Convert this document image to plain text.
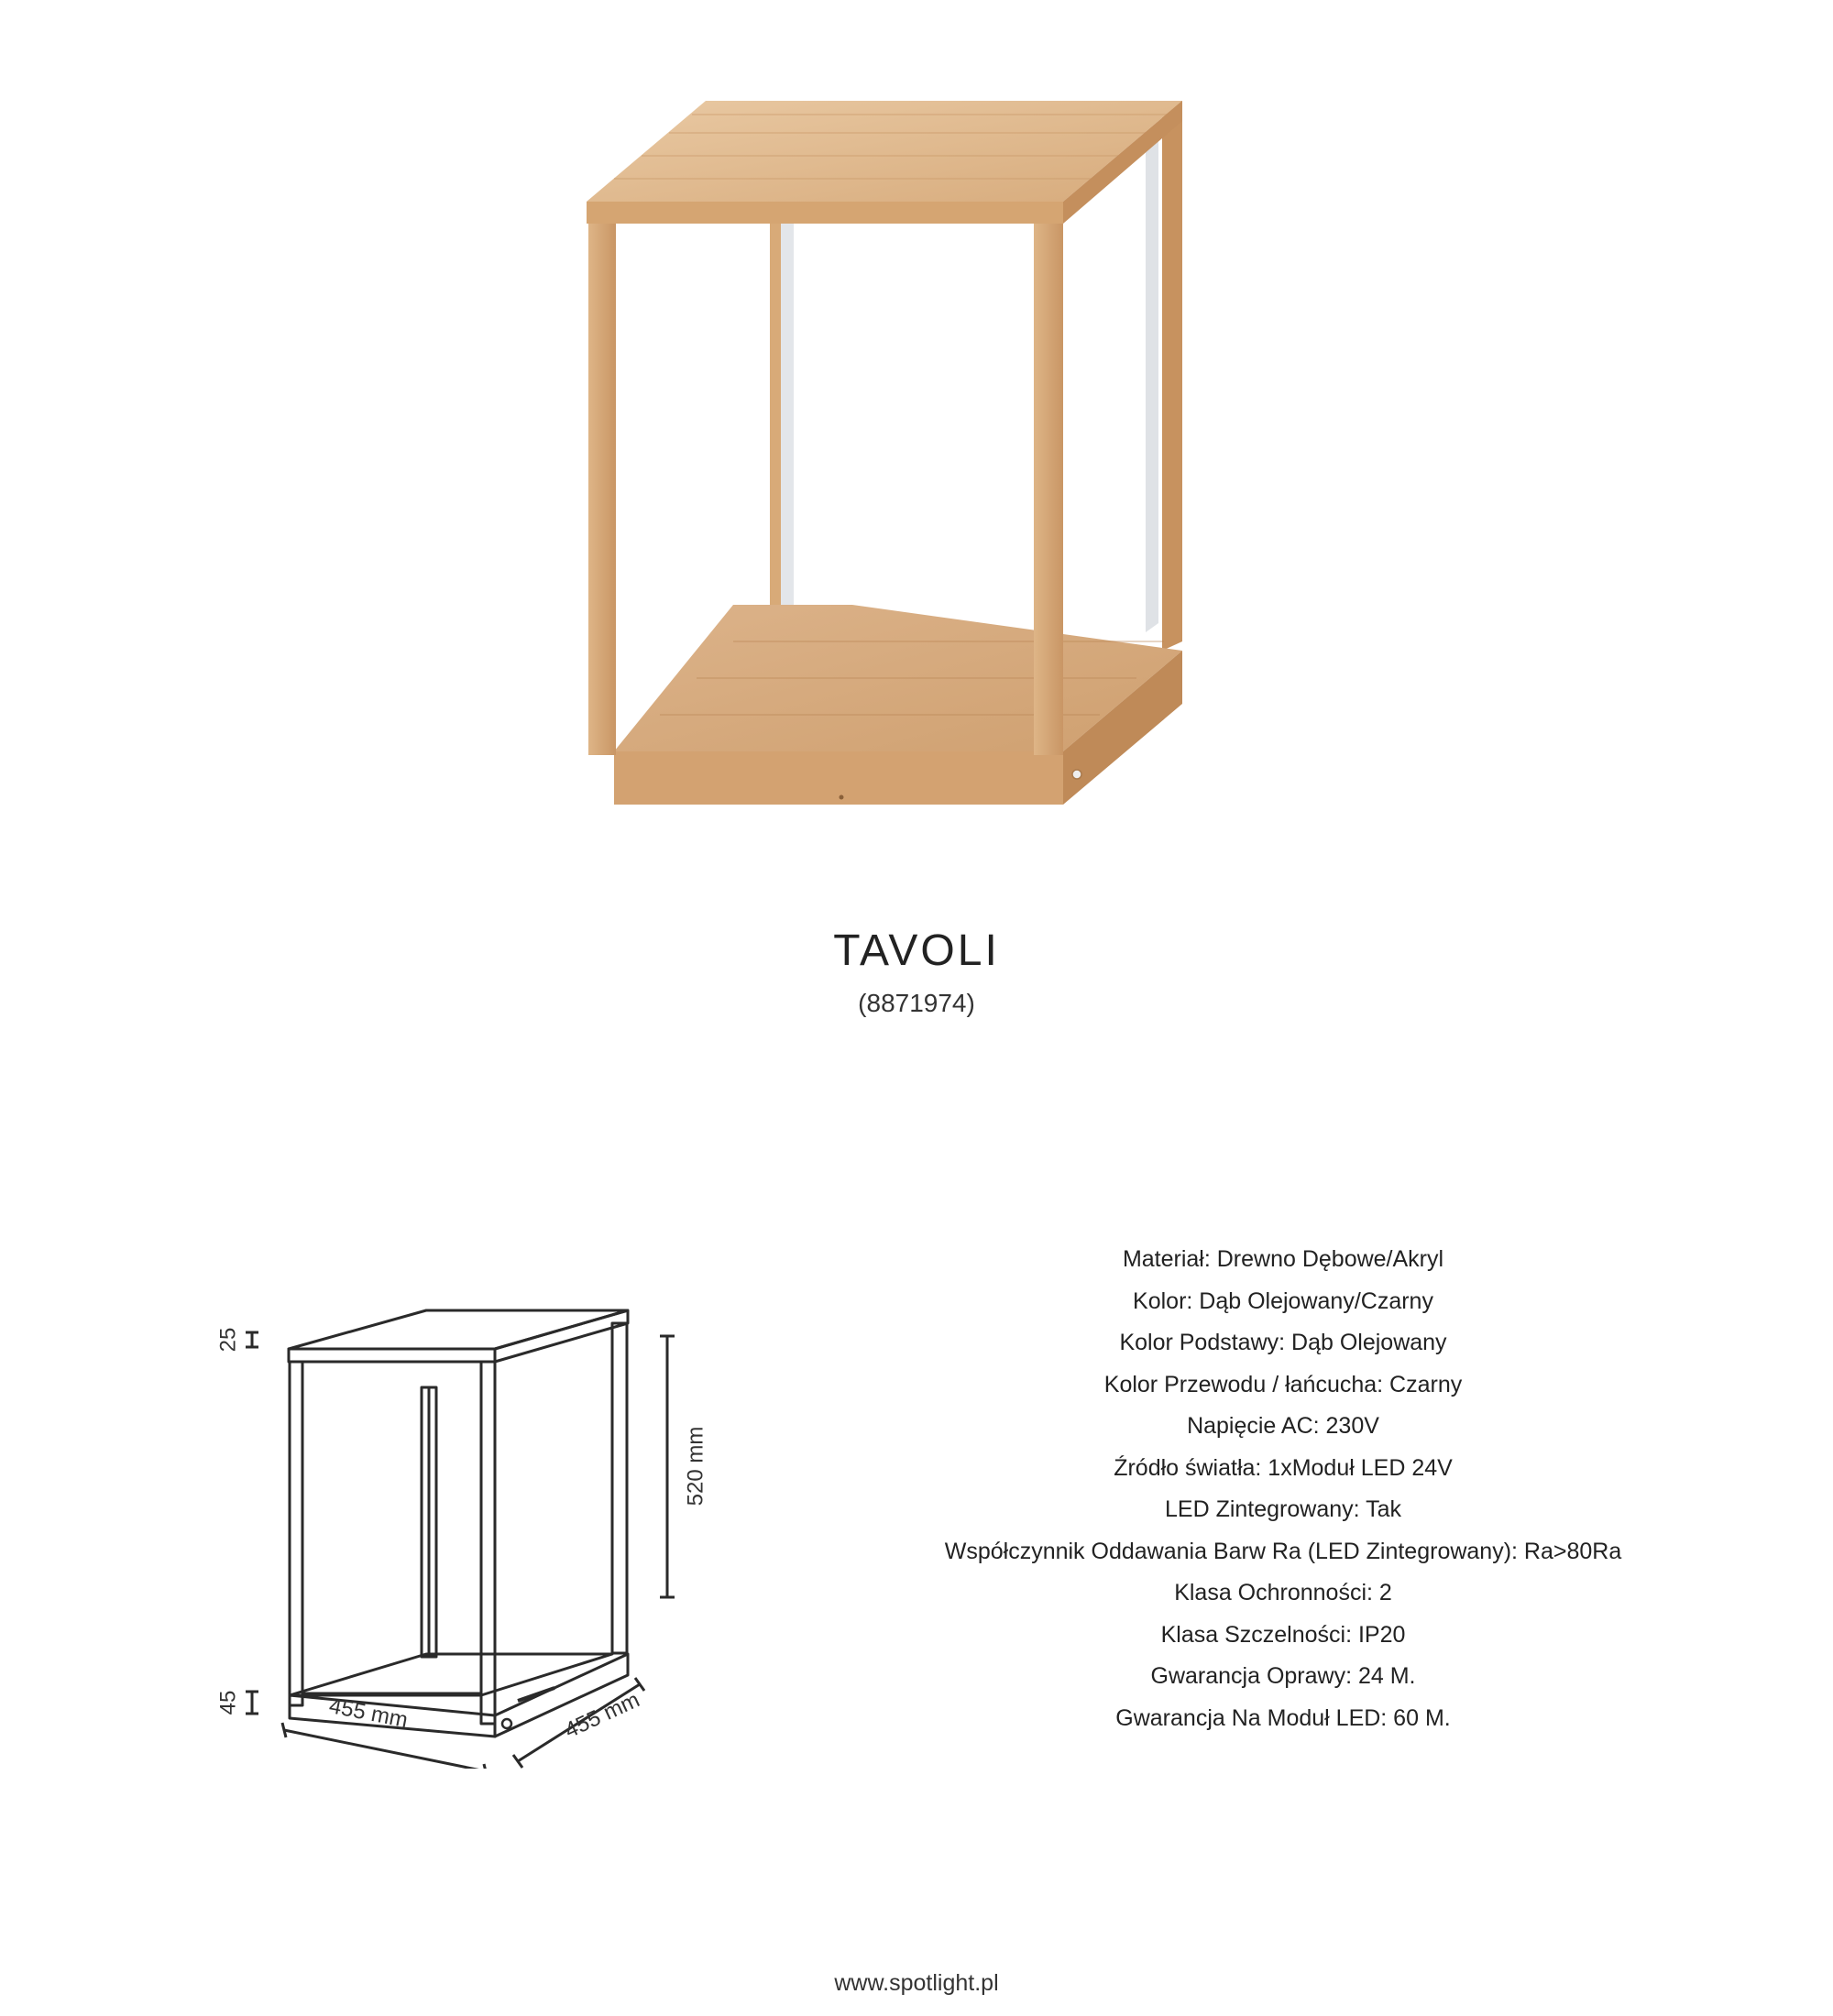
TAVOLI
(8871974)
25
45
520 mm
455 mm	455 mm
Materiał: Drewno Dębowe/Akryl
Kolor: Dąb Olejowany/Czarny
Kolor Podstawy: Dąb Olejowany
Kolor Przewodu / łańcucha: Czarny
Napięcie AC: 230V
Źródło światła: 1xModuł LED 24V
LED Zintegrowany: Tak
Współczynnik Oddawania Barw Ra (LED Zintegrowany): Ra>80Ra
Klasa Ochronności: 2
Klasa Szczelności: IP20
Gwarancja Oprawy: 24 M.
Gwarancja Na Moduł LED: 60 M.
www.spotlight.pl
